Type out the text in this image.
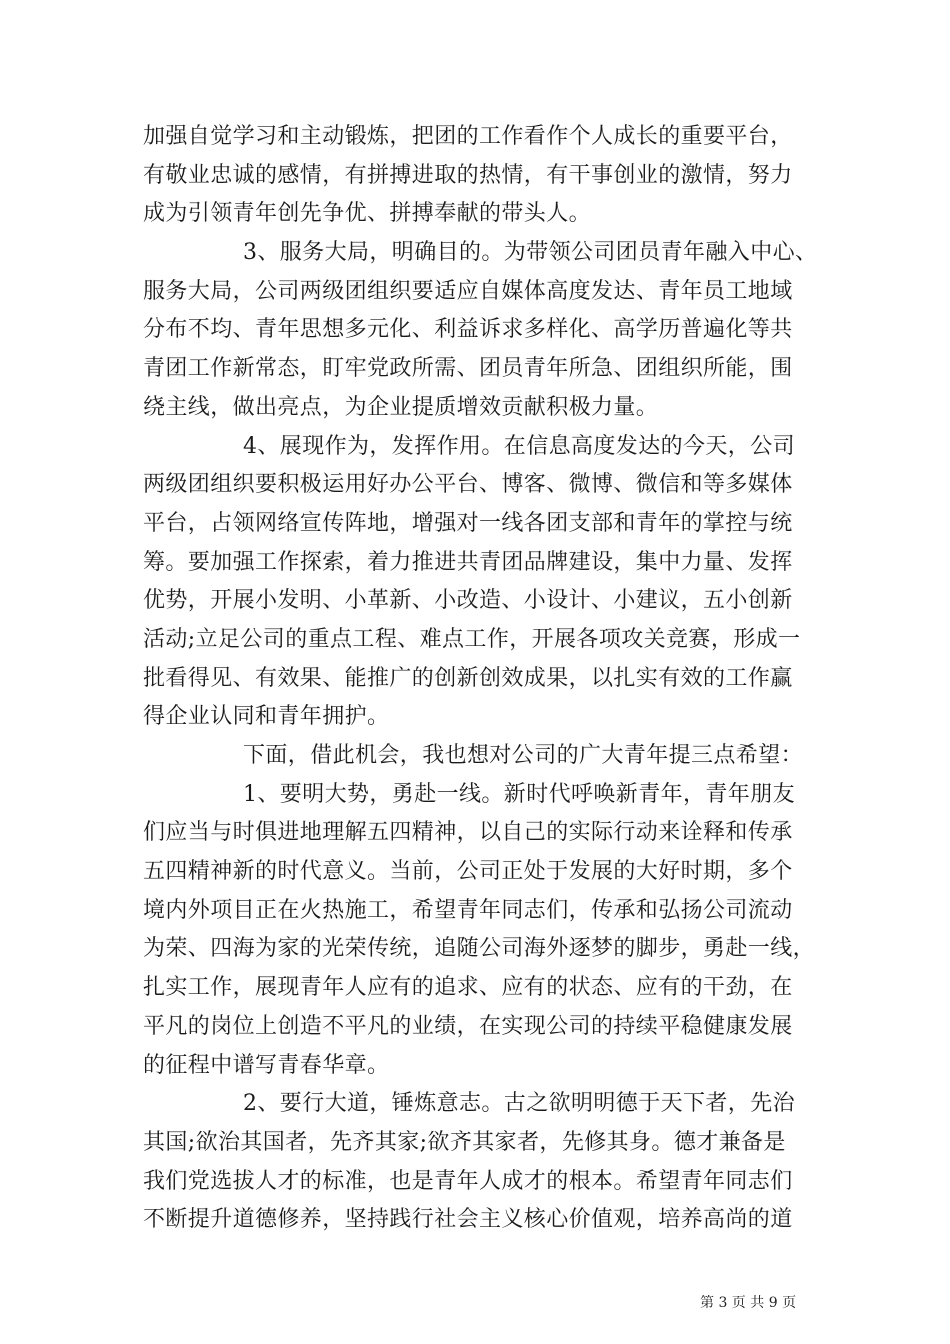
加强自觉学习和主动锻炼，把团的工作看作个人成长的重要平台，
有敬业忠诚的感情，有拼搏进取的热情，有干事创业的激情，努力
成为引领青年创先争优、拼搏奉献的带头人。
3、服务大局，明确目的。为带领公司团员青年融入中心、
服务大局，公司两级团组织要适应自媒体高度发达、青年员工地域
分布不均、青年思想多元化、利益诉求多样化、高学历普遍化等共
青团工作新常态，盯牢党政所需、团员青年所急、团组织所能，围
绕主线，做出亮点，为企业提质增效贡献积极力量。
4、展现作为，发挥作用。在信息高度发达的今天，公司
两级团组织要积极运用好办公平台、博客、微博、微信和等多媒体
平台，占领网络宣传阵地，增强对一线各团支部和青年的掌控与统
筹。要加强工作探索，着力推进共青团品牌建设，集中力量、发挥
优势，开展小发明、小革新、小改造、小设计、小建议，五小创新
活动;立足公司的重点工程、难点工作，开展各项攻关竞赛，形成一
批看得见、有效果、能推广的创新创效成果，以扎实有效的工作赢
得企业认同和青年拥护。
下面，借此机会，我也想对公司的广大青年提三点希望：
1、要明大势，勇赴一线。新时代呼唤新青年，青年朋友
们应当与时俱进地理解五四精神，以自己的实际行动来诠释和传承
五四精神新的时代意义。当前，公司正处于发展的大好时期，多个
境内外项目正在火热施工，希望青年同志们，传承和弘扬公司流动
为荣、四海为家的光荣传统，追随公司海外逐梦的脚步，勇赴一线，
扎实工作，展现青年人应有的追求、应有的状态、应有的干劲，在
平凡的岗位上创造不平凡的业绩，在实现公司的持续平稳健康发展
的征程中谱写青春华章。
2、要行大道，锤炼意志。古之欲明明德于天下者，先治
其国;欲治其国者，先齐其家;欲齐其家者，先修其身。德才兼备是
我们党选拔人才的标准，也是青年人成才的根本。希望青年同志们
不断提升道德修养，坚持践行社会主义核心价值观，培养高尚的道
第 3 页 共 9 页
